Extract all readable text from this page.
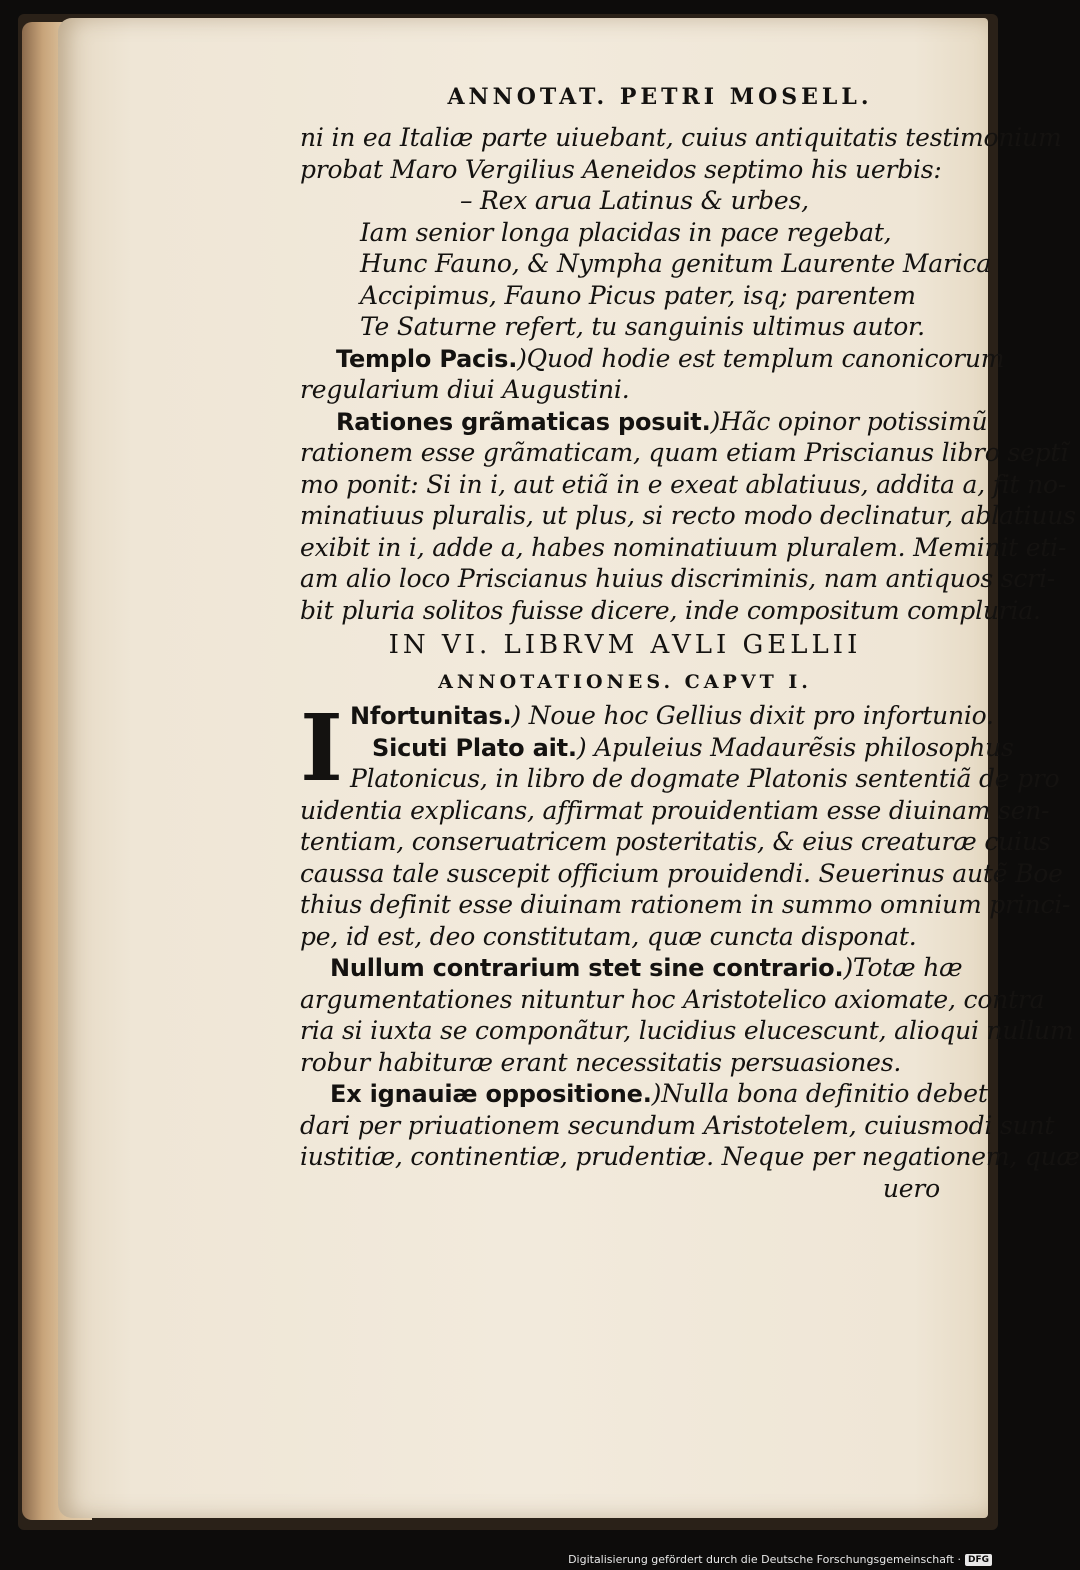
ANNOTAT. PETRI MOSELL.
ni in ea Italiæ parte uiuebant, cuius antiquitatis testimonium
probat Maro Vergilius Aeneidos septimo his uerbis:
– Rex arua Latinus & urbes,
Iam senior longa placidas in pace regebat,
Hunc Fauno, & Nympha genitum Laurente Marica
Accipimus, Fauno Picus pater, isq; parentem
Te Saturne refert, tu sanguinis ultimus autor.
Templo Pacis.)Quod hodie est templum canonicorum
regularium diui Augustini.
Rationes grãmaticas posuit.)Hãc opinor potissimũ
rationem esse grãmaticam, quam etiam Priscianus libro septĩ
mo ponit: Si in i, aut etiã in e exeat ablatiuus, addita a, fit no-
minatiuus pluralis, ut plus, si recto modo declinatur, ablatiuus
exibit in i, adde a, habes nominatiuum pluralem. Meminit eti-
am alio loco Priscianus huius discriminis, nam antiquos scri-
bit pluria solitos fuisse dicere, inde compositum compluria.
IN VI. LIBRVM AVLI GELLII
ANNOTATIONES. CAPVT I.
I Nfortunitas.) Noue hoc Gellius dixit pro infortunio.
Sicuti Plato ait.) Apuleius Madaurẽsis philosophus
Platonicus, in libro de dogmate Platonis sententiã de pro
uidentia explicans, affirmat prouidentiam esse diuinam sen-
tentiam, conseruatricem posteritatis, & eius creaturæ cuius
caussa tale suscepit officium prouidendi. Seuerinus autẽ Boe
thius definit esse diuinam rationem in summo omnium princi-
pe, id est, deo constitutam, quæ cuncta disponat.
Nullum contrarium stet sine contrario.)Totæ hæ
argumentationes nituntur hoc Aristotelico axiomate, contra
ria si iuxta se componãtur, lucidius elucescunt, alioqui nullum
robur habituræ erant necessitatis persuasiones.
Ex ignauiæ oppositione.)Nulla bona definitio debet
dari per priuationem secundum Aristotelem, cuiusmodi sunt
iustitiæ, continentiæ, prudentiæ. Neque per negationem, quæ
uero
Digitalisierung gefördert durch die Deutsche Forschungsgemeinschaft · DFG
